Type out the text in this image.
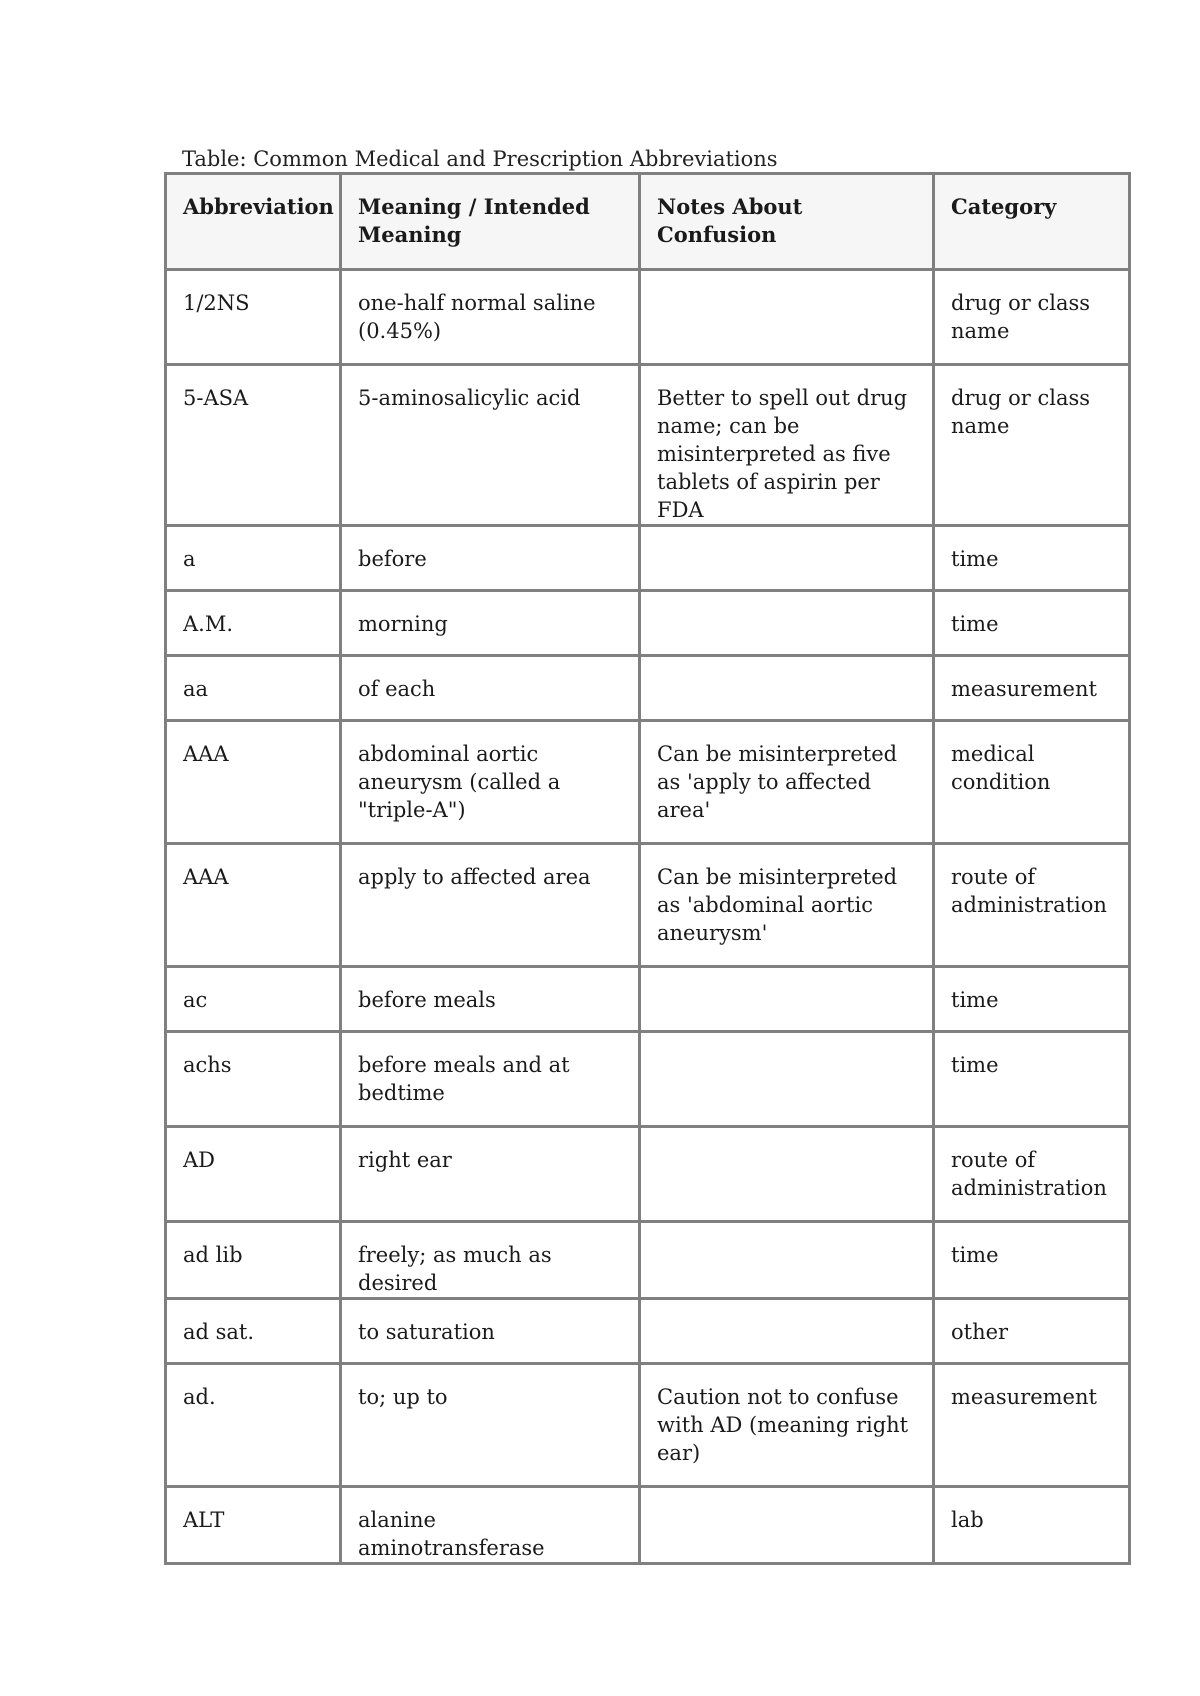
Table: Common Medical and Prescription Abbreviations
Abbreviation	Meaning / Intended Meaning	Notes About Confusion	Category
1/2NS	one-half normal saline (0.45%)		drug or class name
5-ASA	5-aminosalicylic acid	Better to spell out drug name; can be misinterpreted as five tablets of aspirin per FDA	drug or class name
a	before		time
A.M.	morning		time
aa	of each		measurement
AAA	abdominal aortic aneurysm (called a "triple-A")	Can be misinterpreted as 'apply to affected area'	medical condition
AAA	apply to affected area	Can be misinterpreted as 'abdominal aortic aneurysm'	route of administration
ac	before meals		time
achs	before meals and at bedtime		time
AD	right ear		route of administration
ad lib	freely; as much as desired		time
ad sat.	to saturation		other
ad.	to; up to	Caution not to confuse with AD (meaning right ear)	measurement
ALT	alanine aminotransferase		lab
